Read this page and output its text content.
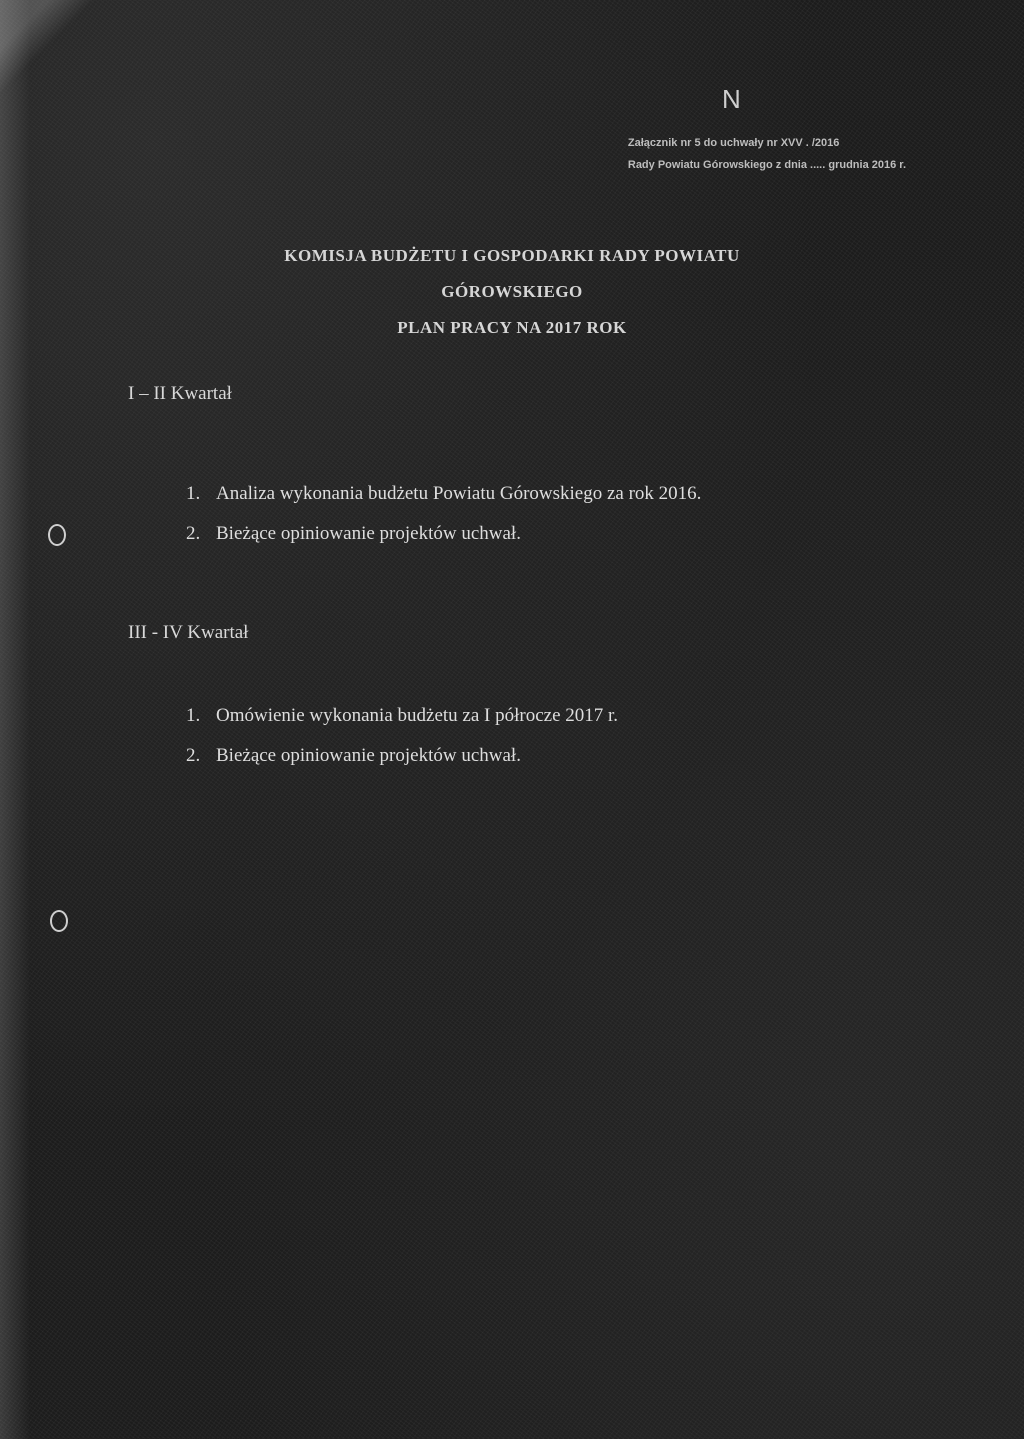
N
Załącznik nr 5 do uchwały nr XVV . /2016
Rady Powiatu Górowskiego z dnia ..... grudnia 2016 r.
KOMISJA BUDŻETU I GOSPODARKI RADY POWIATU
GÓROWSKIEGO
PLAN PRACY NA 2017 ROK
I – II Kwartał
1. Analiza wykonania budżetu Powiatu Górowskiego za rok 2016.
2. Bieżące opiniowanie projektów uchwał.
III - IV Kwartał
1. Omówienie wykonania budżetu za I półrocze 2017 r.
2. Bieżące opiniowanie projektów uchwał.
